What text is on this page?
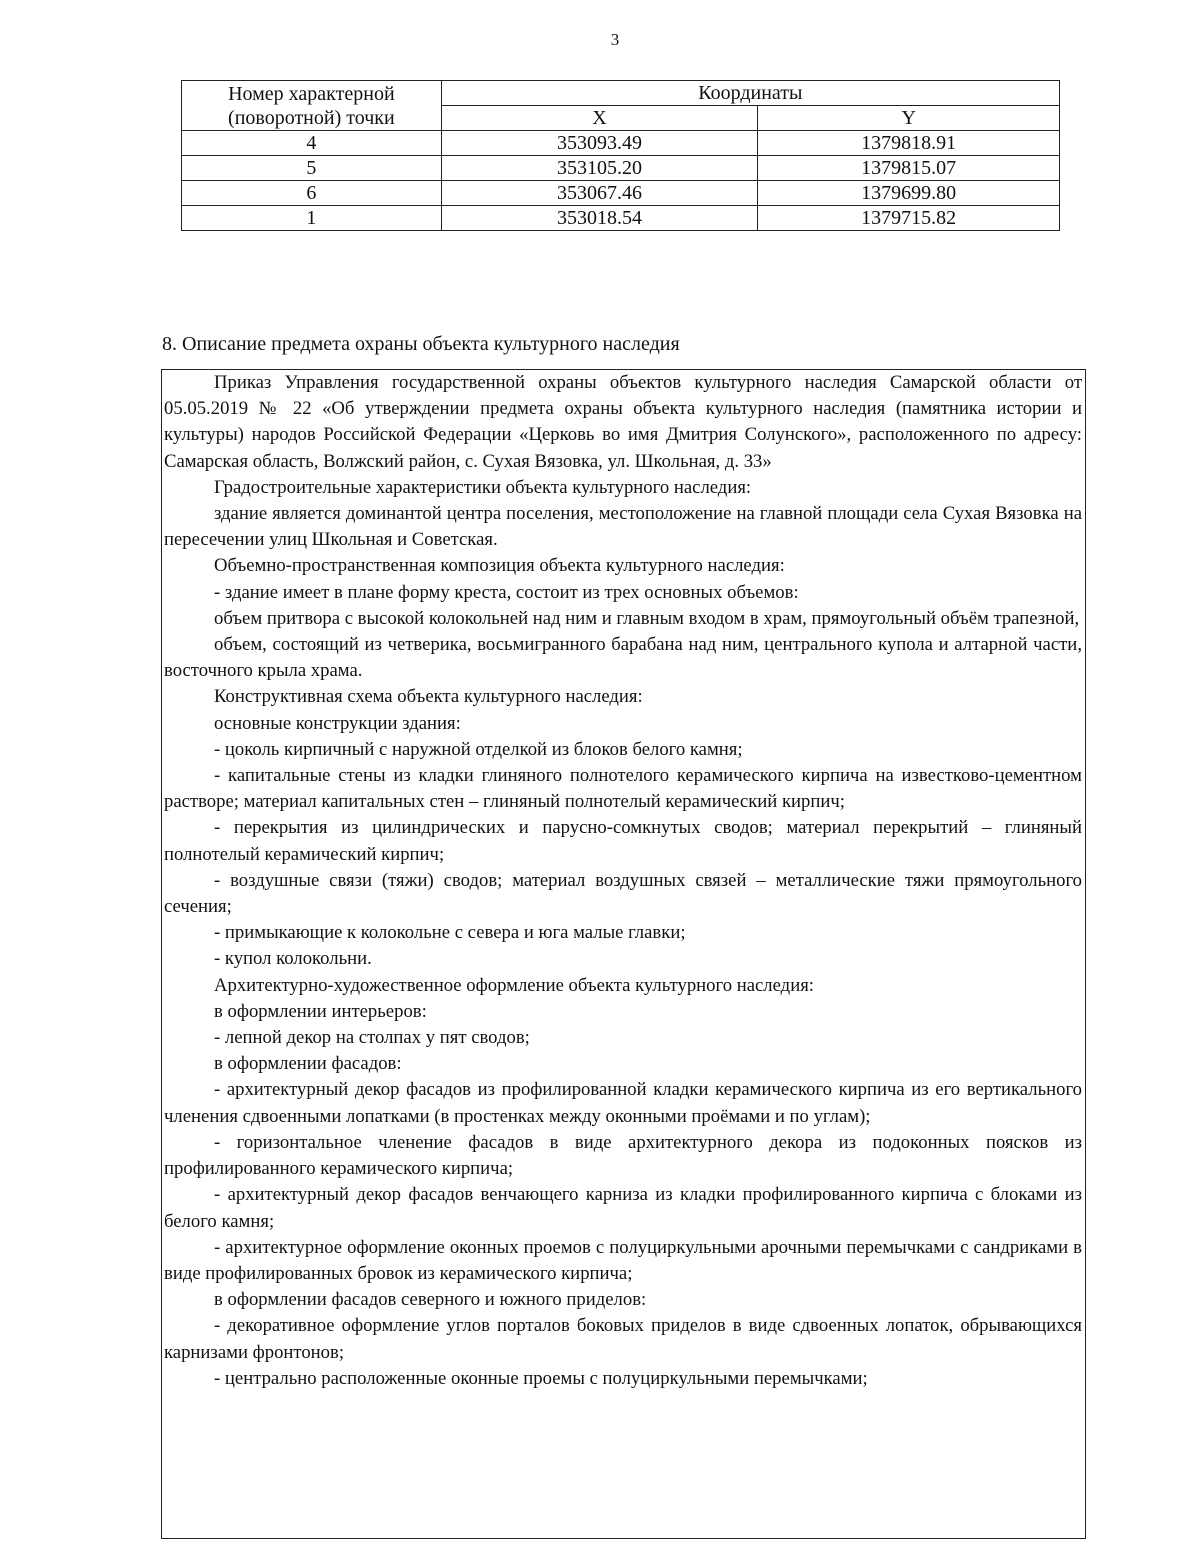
3
Номер характерной
(поворотной) точки	Координаты	
	X	Y
4	353093.49	1379818.91
5	353105.20	1379815.07
6	353067.46	1379699.80
1	353018.54	1379715.82
8. Описание предмета охраны объекта культурного наследия

Приказ Управления государственной охраны объектов культурного наследия Самарской области от 05.05.2019 № 22 «Об утверждении предмета охраны объекта культурного наследия (памятника истории и культуры) народов Российской Федерации «Церковь во имя Дмитрия Солунского», расположенного по адресу: Самарская область, Волжский район, с. Сухая Вязовка, ул. Школьная, д. 33»

Градостроительные характеристики объекта культурного наследия:

здание является доминантой центра поселения, местоположение на главной площади села Сухая Вязовка на пересечении улиц Школьная и Советская.

Объемно-пространственная композиция объекта культурного наследия:

- здание имеет в плане форму креста, состоит из трех основных объемов:

объем притвора с высокой колокольней над ним и главным входом в храм, прямоугольный объём трапезной,

объем, состоящий из четверика, восьмигранного барабана над ним, центрального купола и алтарной части, восточного крыла храма.

Конструктивная схема объекта культурного наследия:

основные конструкции здания:

- цоколь кирпичный с наружной отделкой из блоков белого камня;

- капитальные стены из кладки глиняного полнотелого керамического кирпича на известково-цементном растворе; материал капитальных стен – глиняный полнотелый керамический кирпич;

- перекрытия из цилиндрических и парусно-сомкнутых сводов; материал перекрытий – глиняный полнотелый керамический кирпич;

- воздушные связи (тяжи) сводов; материал воздушных связей – металлические тяжи прямоугольного сечения;

- примыкающие к колокольне с севера и юга малые главки;

- купол колокольни.

Архитектурно-художественное оформление объекта культурного наследия:

в оформлении интерьеров:

- лепной декор на столпах у пят сводов;

в оформлении фасадов:

- архитектурный декор фасадов из профилированной кладки керамического кирпича из его вертикального членения сдвоенными лопатками (в простенках между оконными проёмами и по углам);

- горизонтальное членение фасадов в виде архитектурного декора из подоконных поясков из профилированного керамического кирпича;

- архитектурный декор фасадов венчающего карниза из кладки профилированного кирпича с блоками из белого камня;

- архитектурное оформление оконных проемов с полуциркульными арочными перемычками с сандриками в виде профилированных бровок из керамического кирпича;

в оформлении фасадов северного и южного приделов:

- декоративное оформление углов порталов боковых приделов в виде сдвоенных лопаток, обрывающихся карнизами фронтонов;

- центрально расположенные оконные проемы с полуциркульными перемычками;
